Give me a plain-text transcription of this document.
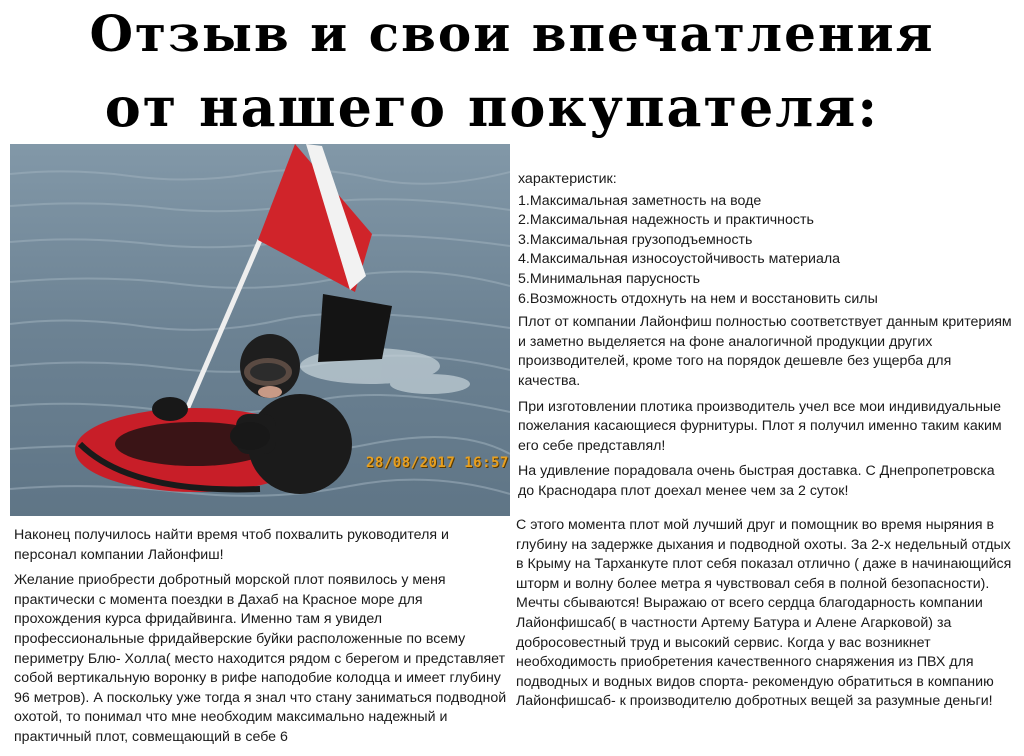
Отзыв и свои впечатления
от нашего покупателя:
28/08/2017 16:57

характеристик:

1.Максимальная заметность на воде
2.Максимальная надежность и практичность
3.Максимальная грузоподъемность
4.Максимальная износоустойчивость материала
5.Минимальная парусность
6.Возможность отдохнуть на нем и восстановить силы

Плот от компании Лайонфиш полностью соответствует данным критериям и заметно выделяется на фоне аналогичной продукции других производителей, кроме того на порядок дешевле без ущерба для качества.

При изготовлении плотика производитель учел все мои индивидуальные пожелания касающиеся фурнитуры. Плот я получил именно таким каким его себе представлял!

На удивление порадовала очень быстрая доставка. С Днепропетровска до Краснодара плот доехал менее чем за 2 суток!

Наконец получилось найти время чтоб похвалить руководителя и персонал компании Лайонфиш!

Желание приобрести добротный морской плот появилось у меня практически с момента поездки в Дахаб на Красное море для прохождения курса фридайвинга. Именно там я увидел профессиональные фридайверские буйки расположенные по всему периметру Блю- Холла( место находится рядом с берегом и представляет собой вертикальную воронку в рифе наподобие колодца и имеет глубину 96 метров). А поскольку уже тогда я знал что стану заниматься подводной охотой, то понимал что мне необходим максимально надежный и практичный плот, совмещающий в себе 6

С этого момента плот мой лучший друг и помощник во время ныряния в глубину на задержке дыхания и подводной охоты. За 2-х недельный отдых в Крыму на Тарханкуте плот себя показал отлично ( даже в начинающийся шторм и волну более метра я чувствовал себя в полной безопасности).

Мечты сбываются! Выражаю от всего сердца благодарность компании Лайонфишсаб( в частности Артему Батура и Алене Агарковой) за добросовестный труд и высокий сервис. Когда у вас возникнет необходимость приобретения качественного снаряжения из ПВХ для подводных и водных видов спорта- рекомендую обратиться в компанию Лайонфишсаб- к производителю добротных вещей за разумные деньги!
